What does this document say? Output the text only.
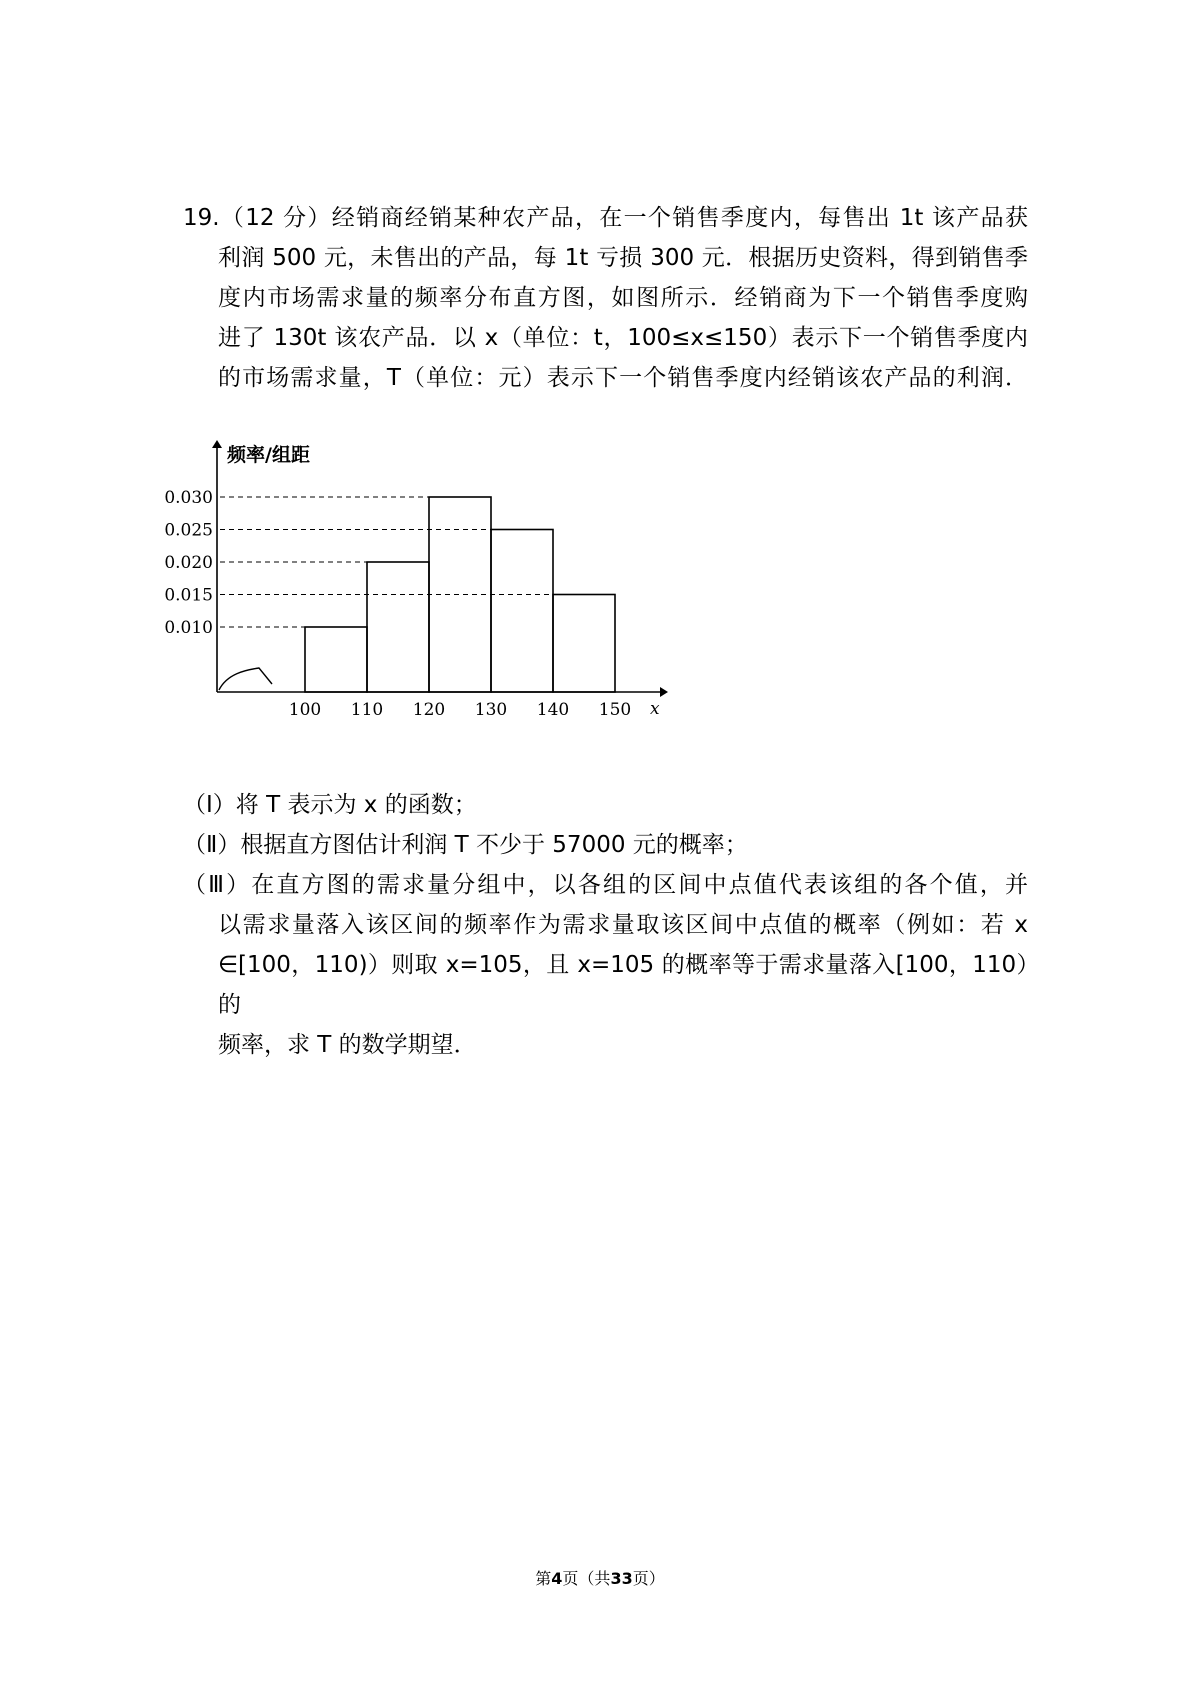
19.（12 分）经销商经销某种农产品，在一个销售季度内，每售出 1t 该产品获
利润 500 元，未售出的产品，每 1t 亏损 300 元．根据历史资料，得到销售季
度内市场需求量的频率分布直方图，如图所示．经销商为下一个销售季度购
进了 130t 该农产品．以 x（单位：t，100≤x≤150）表示下一个销售季度内
的市场需求量，T（单位：元）表示下一个销售季度内经销该农产品的利润．
0.030
0.025
0.020
0.015
0.010
100 110 120 130 140 150
频率/组距
x
（Ⅰ）将 T 表示为 x 的函数；
（Ⅱ）根据直方图估计利润 T 不少于 57000 元的概率；
（Ⅲ）在直方图的需求量分组中，以各组的区间中点值代表该组的各个值，并
以需求量落入该区间的频率作为需求量取该区间中点值的概率（例如：若 x
∈[100，110)）则取 x=105，且 x=105 的概率等于需求量落入[100，110）的
频率，求 T 的数学期望．
第4页（共33页）
